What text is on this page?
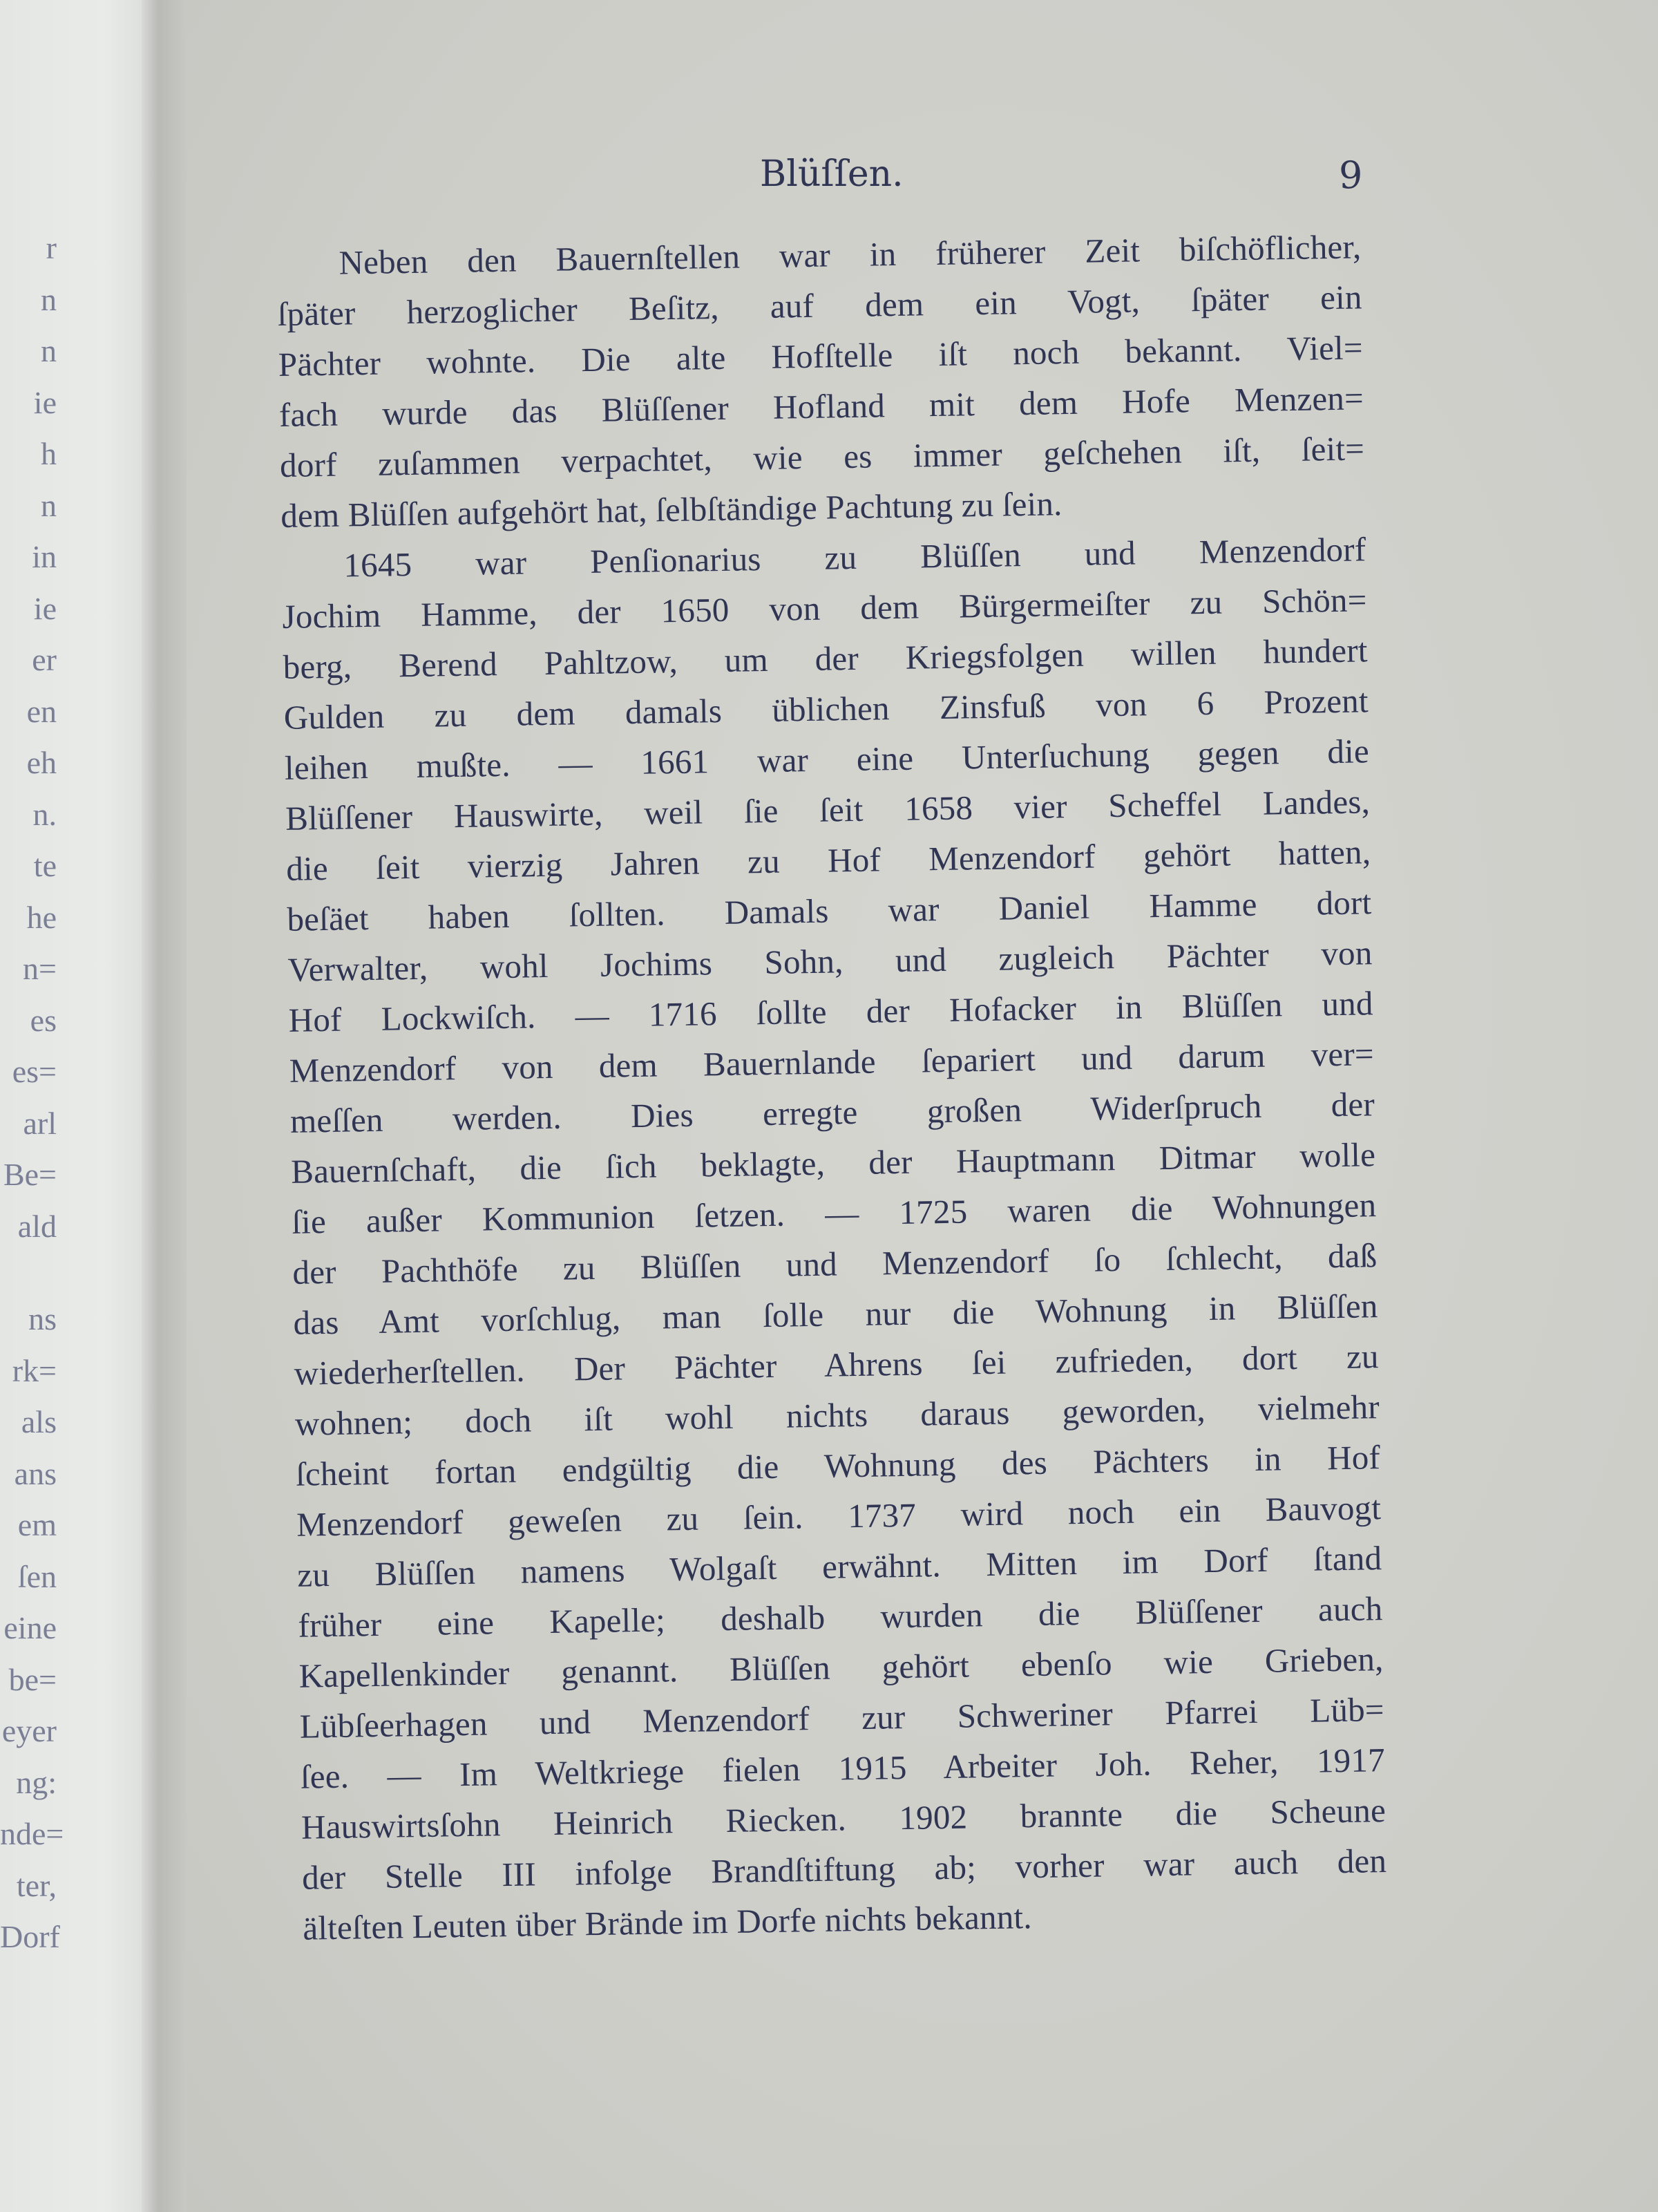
r
n
n
ie
h
n
in
ie
er
en
eh
n.
te
he
n=
es
es=
arl
Be=
ald
ns
rk=
als
ans
em
ſen
eine
be=
eyer
ng:
nde=
ter,
Dorf
Blüſſen.	9
Neben den Bauernſtellen war in früherer Zeit biſchöflicher,
ſpäter herzoglicher Beſitz, auf dem ein Vogt, ſpäter ein
Pächter wohnte. Die alte Hofſtelle iſt noch bekannt. Viel=
fach wurde das Blüſſener Hofland mit dem Hofe Menzen=
dorf zuſammen verpachtet, wie es immer geſchehen iſt, ſeit=
dem Blüſſen aufgehört hat, ſelbſtändige Pachtung zu ſein.
1645 war Penſionarius zu Blüſſen und Menzendorf
Jochim Hamme, der 1650 von dem Bürgermeiſter zu Schön=
berg, Berend Pahltzow, um der Kriegsfolgen willen hundert
Gulden zu dem damals üblichen Zinsfuß von 6 Prozent
leihen mußte. — 1661 war eine Unterſuchung gegen die
Blüſſener Hauswirte, weil ſie ſeit 1658 vier Scheffel Landes,
die ſeit vierzig Jahren zu Hof Menzendorf gehört hatten,
beſäet haben ſollten. Damals war Daniel Hamme dort
Verwalter, wohl Jochims Sohn, und zugleich Pächter von
Hof Lockwiſch. — 1716 ſollte der Hofacker in Blüſſen und
Menzendorf von dem Bauernlande ſepariert und darum ver=
meſſen werden. Dies erregte großen Widerſpruch der
Bauernſchaft, die ſich beklagte, der Hauptmann Ditmar wolle
ſie außer Kommunion ſetzen. — 1725 waren die Wohnungen
der Pachthöfe zu Blüſſen und Menzendorf ſo ſchlecht, daß
das Amt vorſchlug, man ſolle nur die Wohnung in Blüſſen
wiederherſtellen. Der Pächter Ahrens ſei zufrieden, dort zu
wohnen; doch iſt wohl nichts daraus geworden, vielmehr
ſcheint fortan endgültig die Wohnung des Pächters in Hof
Menzendorf geweſen zu ſein. 1737 wird noch ein Bauvogt
zu Blüſſen namens Wolgaſt erwähnt. Mitten im Dorf ſtand
früher eine Kapelle; deshalb wurden die Blüſſener auch
Kapellenkinder genannt. Blüſſen gehört ebenſo wie Grieben,
Lübſeerhagen und Menzendorf zur Schweriner Pfarrei Lüb=
ſee. — Im Weltkriege fielen 1915 Arbeiter Joh. Reher, 1917
Hauswirtsſohn Heinrich Riecken. 1902 brannte die Scheune
der Stelle III infolge Brandſtiftung ab; vorher war auch den
älteſten Leuten über Brände im Dorfe nichts bekannt.
